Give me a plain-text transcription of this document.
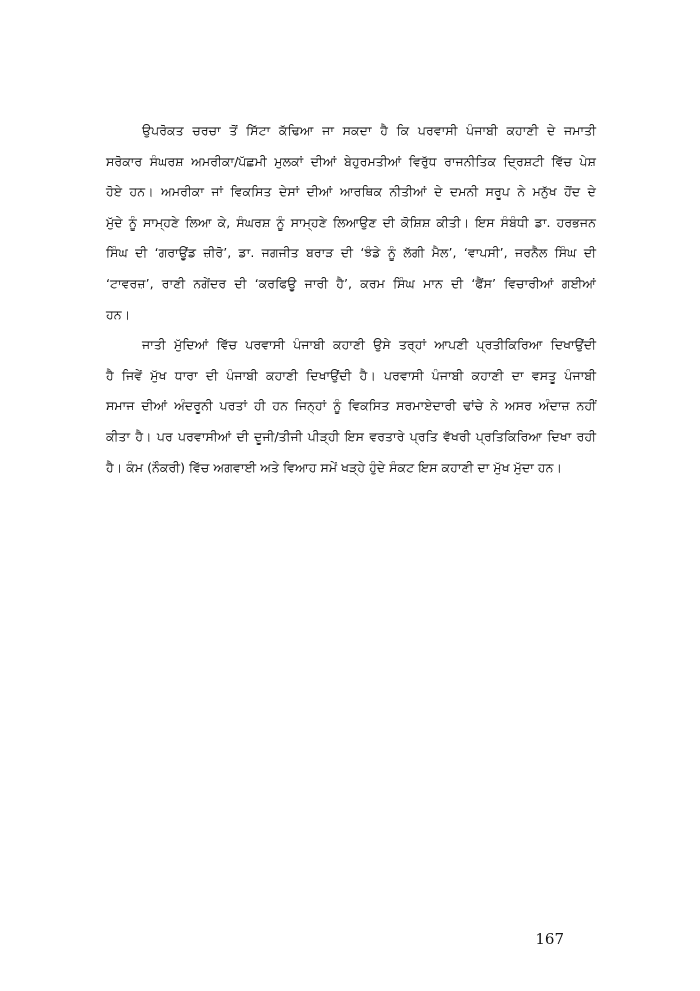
ਉਪਰੋਕਤ ਚਰਚਾ ਤੋਂ ਸਿੱਟਾ ਕੱਢਿਆ ਜਾ ਸਕਦਾ ਹੈ ਕਿ ਪਰਵਾਸੀ ਪੰਜਾਬੀ ਕਹਾਣੀ ਦੇ ਜਮਾਤੀ
ਸਰੋਕਾਰ ਸੰਘਰਸ਼ ਅਮਰੀਕਾ/ਪੱਛਮੀ ਮੁਲਕਾਂ ਦੀਆਂ ਬੇਹੁਰਮਤੀਆਂ ਵਿਰੁੱਧ ਰਾਜਨੀਤਿਕ ਦ੍ਰਿਸ਼ਟੀ ਵਿੱਚ ਪੇਸ਼
ਹੋਏ ਹਨ। ਅਮਰੀਕਾ ਜਾਂ ਵਿਕਸਿਤ ਦੇਸਾਂ ਦੀਆਂ ਆਰਥਿਕ ਨੀਤੀਆਂ ਦੇ ਦਮਨੀ ਸਰੂਪ ਨੇ ਮਨੁੱਖ ਹੋਂਦ ਦੇ
ਮੁੱਦੇ ਨੂੰ ਸਾਮ੍ਹਣੇ ਲਿਆ ਕੇ, ਸੰਘਰਸ਼ ਨੂੰ ਸਾਮ੍ਹਣੇ ਲਿਆਉਣ ਦੀ ਕੋਸ਼ਿਸ਼ ਕੀਤੀ। ਇਸ ਸੰਬੰਧੀ ਡਾ. ਹਰਭਜਨ
ਸਿੰਘ ਦੀ ‘ਗਰਾਊਂਡ ਜ਼ੀਰੋ’, ਡਾ. ਜਗਜੀਤ ਬਰਾੜ ਦੀ ‘ਝੰਡੇ ਨੂੰ ਲੱਗੀ ਮੈਲ’, ‘ਵਾਪਸੀ’, ਜਰਨੈਲ ਸਿੰਘ ਦੀ
‘ਟਾਵਰਜ਼’, ਰਾਣੀ ਨਗੇਂਦਰ ਦੀ ‘ਕਰਫਿਊ ਜਾਰੀ ਹੈ’, ਕਰਮ ਸਿੰਘ ਮਾਨ ਦੀ ‘ਫੈਂਸ’ ਵਿਚਾਰੀਆਂ ਗਈਆਂ
ਹਨ।

ਜਾਤੀ ਮੁੱਦਿਆਂ ਵਿੱਚ ਪਰਵਾਸੀ ਪੰਜਾਬੀ ਕਹਾਣੀ ਉਸੇ ਤਰ੍ਹਾਂ ਆਪਣੀ ਪ੍ਰਤੀਕਿਰਿਆ ਦਿਖਾਉਂਦੀ
ਹੈ ਜਿਵੇਂ ਮੁੱਖ ਧਾਰਾ ਦੀ ਪੰਜਾਬੀ ਕਹਾਣੀ ਦਿਖਾਉਂਦੀ ਹੈ। ਪਰਵਾਸੀ ਪੰਜਾਬੀ ਕਹਾਣੀ ਦਾ ਵਸਤੂ ਪੰਜਾਬੀ
ਸਮਾਜ ਦੀਆਂ ਅੰਦਰੂਨੀ ਪਰਤਾਂ ਹੀ ਹਨ ਜਿਨ੍ਹਾਂ ਨੂੰ ਵਿਕਸਿਤ ਸਰਮਾਏਦਾਰੀ ਢਾਂਚੇ ਨੇ ਅਸਰ ਅੰਦਾਜ਼ ਨਹੀਂ
ਕੀਤਾ ਹੈ। ਪਰ ਪਰਵਾਸੀਆਂ ਦੀ ਦੂਜੀ/ਤੀਜੀ ਪੀੜ੍ਹੀ ਇਸ ਵਰਤਾਰੇ ਪ੍ਰਤਿ ਵੱਖਰੀ ਪ੍ਰਤਿਕਿਰਿਆ ਦਿਖਾ ਰਹੀ
ਹੈ। ਕੰਮ (ਨੌਕਰੀ) ਵਿੱਚ ਅਗਵਾਈ ਅਤੇ ਵਿਆਹ ਸਮੇਂ ਖੜ੍ਹੇ ਹੁੰਦੇ ਸੰਕਟ ਇਸ ਕਹਾਣੀ ਦਾ ਮੁੱਖ ਮੁੱਦਾ ਹਨ।

167
